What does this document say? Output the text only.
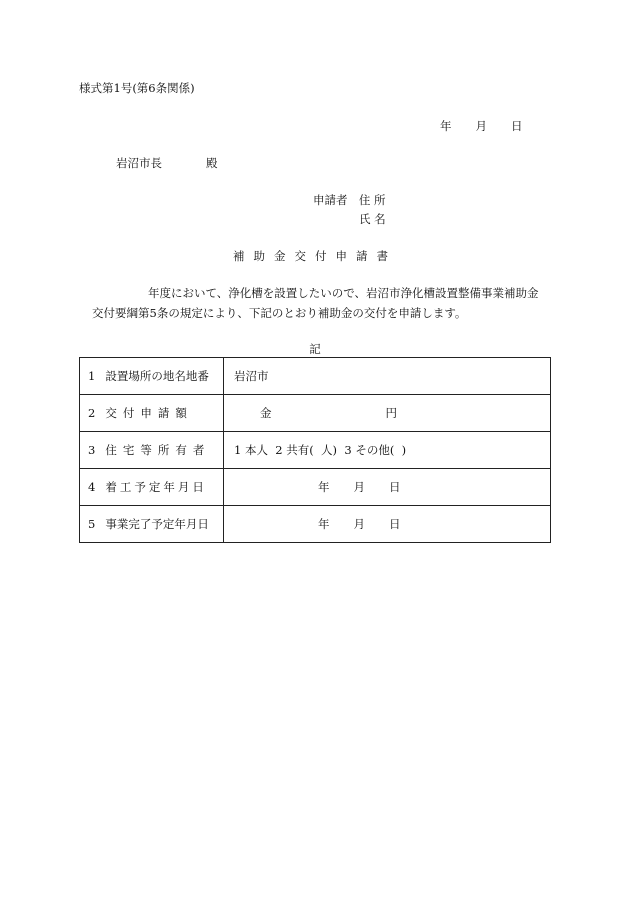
様式第1号(第6条関係)
年 月 日
岩沼市長	殿
申請者 住 所
氏 名
補助金交付申請書
年度において、浄化槽を設置したいので、岩沼市浄化槽設置整備事業補助金
交付要綱第5条の規定により、下記のとおり補助金の交付を申請します。
記
1 設置場所の地名地番	岩沼市
2 交付申請額	金 円
3 住宅等所有者	1 本人  2 共有(  人)  3 その他(  )
4 着工予定年月日	年 月 日
5 事業完了予定年月日	年 月 日
